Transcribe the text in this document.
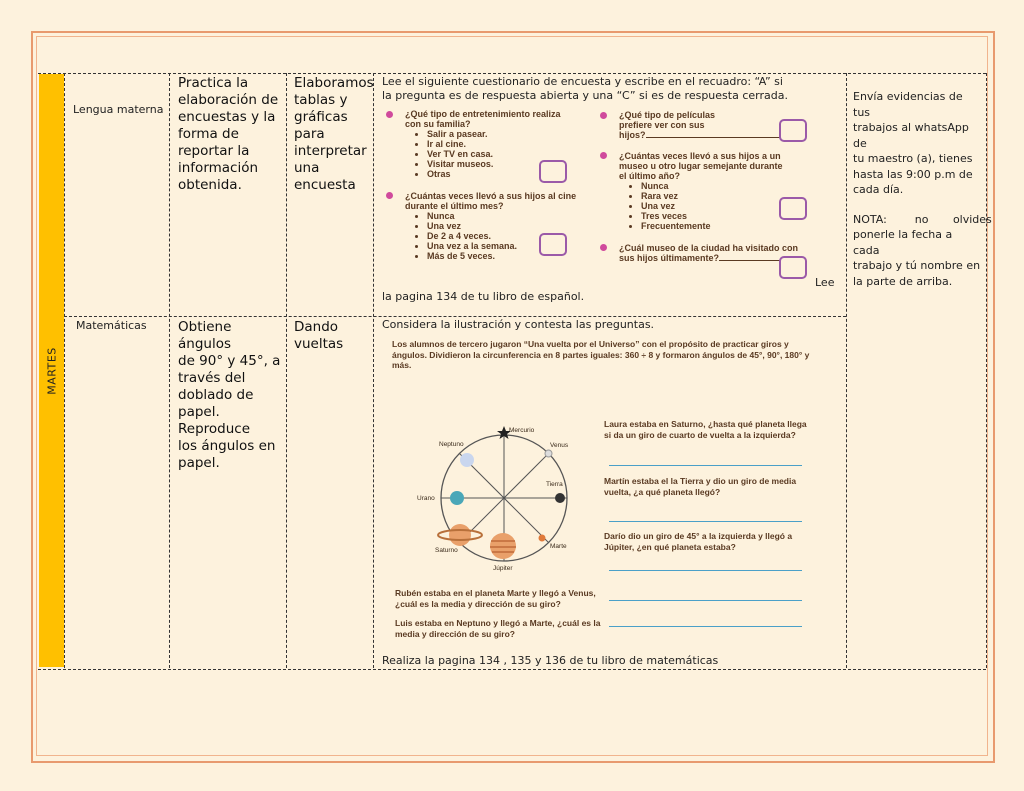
MARTES
Lengua materna
Practica la
elaboración de
encuestas y la
forma de
reportar la
información
obtenida.
Elaboramos
tablas y
gráficas para
interpretar
una
encuesta
Lee el siguiente cuestionario de encuesta y escribe en el recuadro: “A” si
la pregunta es de respuesta abierta y una “C” si es de respuesta cerrada.
¿Qué tipo de entretenimiento realiza
con su familia?
• Salir a pasear.
• Ir al cine.
• Ver TV en casa.
• Visitar museos.
• Otras
¿Cuántas veces llevó a sus hijos al cine
durante el último mes?
• Nunca
• Una vez
• De 2 a 4 veces.
• Una vez a la semana.
• Más de 5 veces.
¿Qué tipo de películas
prefiere ver con sus
hijos?
¿Cuántas veces llevó a sus hijos a un
museo u otro lugar semejante durante
el último año?
• Nunca
• Rara vez
• Una vez
• Tres veces
• Frecuentemente
¿Cuál museo de la ciudad ha visitado con
sus hijos últimamente?
Lee
la pagina 134 de tu libro de español.
Matemáticas Obtiene ángulos
de 90° y 45°, a
través del
doblado de
papel. Reproduce
los ángulos en
papel.
Dando
vueltas
Considera la ilustración y contesta las preguntas.
Los alumnos de tercero jugaron “Una vuelta por el Universo” con el propósito de practicar giros y
ángulos. Dividieron la circunferencia en 8 partes iguales: 360 ÷ 8 y formaron ángulos de 45°, 90°, 180° y
más.
Mercurio
Venus
Tierra
Marte
Júpiter
Saturno
Urano
Neptuno
Laura estaba en Saturno, ¿hasta qué planeta llega
si da un giro de cuarto de vuelta a la izquierda?
Martín estaba el la Tierra y dio un giro de media
vuelta, ¿a qué planeta llegó?
Darío dio un giro de 45° a la izquierda y llegó a
Júpiter, ¿en qué planeta estaba?
Rubén estaba en el planeta Marte y llegó a Venus,
¿cuál es la media y dirección de su giro?
Luis estaba en Neptuno y llegó a Marte, ¿cuál es la
media y dirección de su giro?
Realiza la pagina 134 , 135 y 136 de tu libro de matemáticas
Envía evidencias de tus
trabajos al whatsApp de
tu maestro (a), tienes
hasta las 9:00 p.m de
cada día.
NOTA:        no       olvides
ponerle la fecha a cada
trabajo y tú nombre en
la parte de arriba.
